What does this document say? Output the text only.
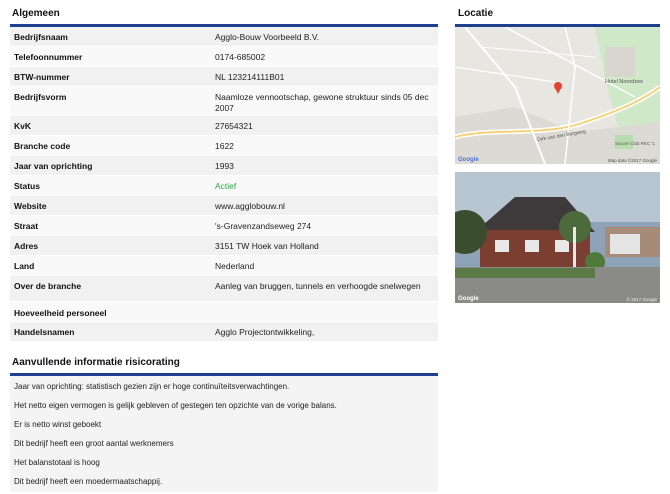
Algemeen
Bedrijfsnaam	Agglo-Bouw Voorbeeld B.V.
Telefoonnummer	0174-685002
BTW-nummer	NL 123214111B01
Bedrijfsvorm	Naamloze vennootschap, gewone struktuur sinds 05 dec 2007
KvK	27654321
Branche code	1622
Jaar van oprichting	1993
Status	Actief
Website	www.agglobouw.nl
Straat	's-Gravenzandseweg 274
Adres	3151 TW Hoek van Holland
Land	Nederland
Over de branche	Aanleg van bruggen, tunnels en verhoogde snelwegen
Hoeveelheid personeel
Handelsnamen	Agglo Projectontwikkeling,
Aanvullende informatie risicorating
Jaar van oprichting: statistisch gezien zijn er hoge continuïteitsverwachtingen.
Het netto eigen vermogen is gelijk gebleven of gestegen ten opzichte van de vorige balans.
Er is netto winst geboekt
Dit bedrijf heeft een groot aantal werknemers
Het balanstotaal is hoog
Dit bedrijf heeft een moedermaatschappij.
Locatie
Hotel Noordzee
Dirk van den Burgweg
Soccer Club RKC '1
Google	Map data ©2017 Google
Google	© 2017 Google
